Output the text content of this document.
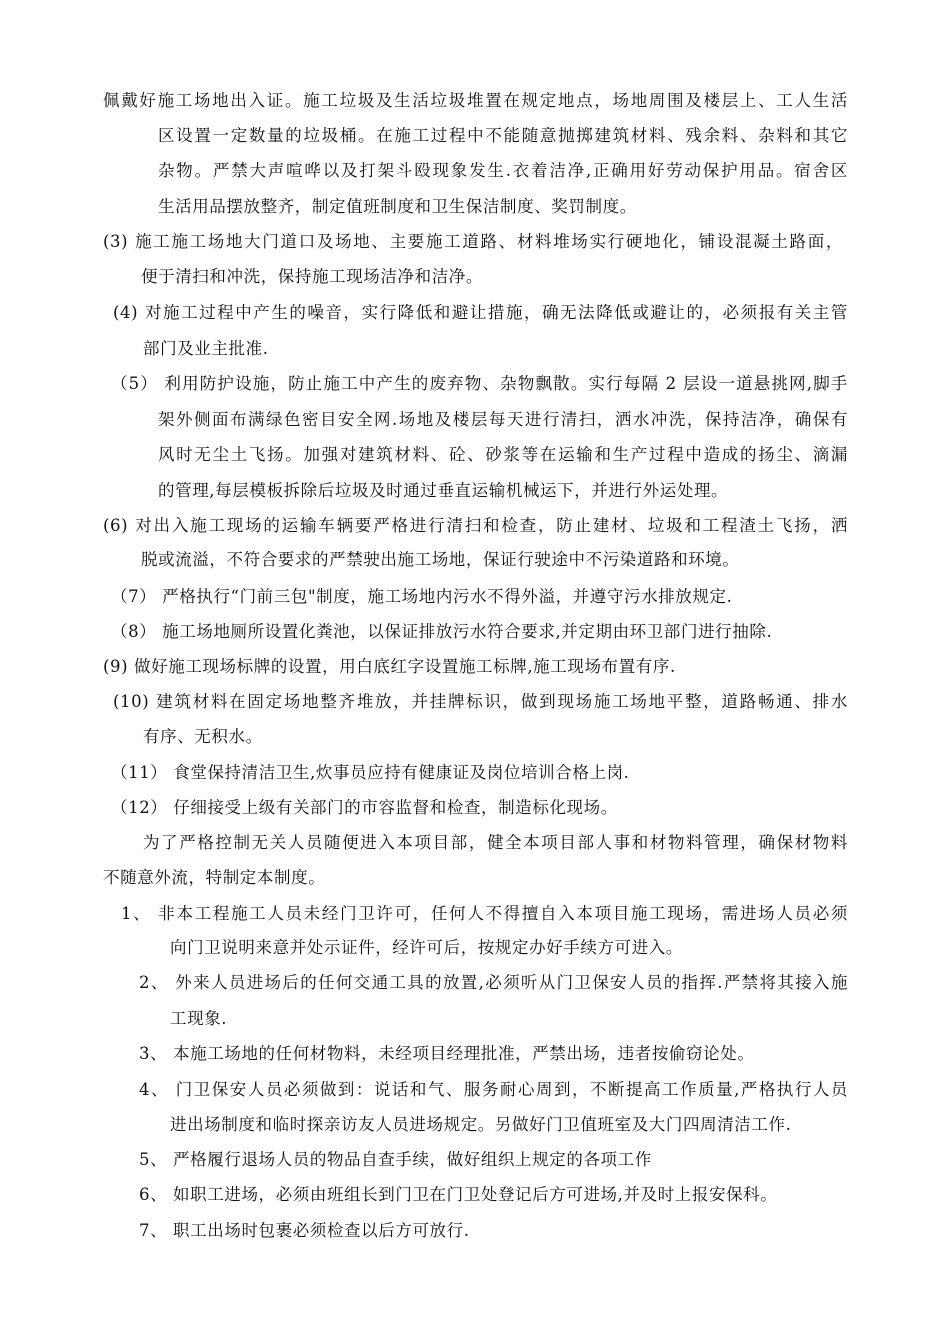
佩戴好施工场地出入证。施工垃圾及生活垃圾堆置在规定地点，场地周围及楼层上、工人生活
区设置一定数量的垃圾桶。在施工过程中不能随意抛掷建筑材料、残余料、杂料和其它
杂物。严禁大声喧哗以及打架斗殴现象发生.衣着洁净,正确用好劳动保护用品。宿舍区
生活用品摆放整齐，制定值班制度和卫生保洁制度、奖罚制度。
(3) 施工施工场地大门道口及场地、主要施工道路、材料堆场实行硬地化，铺设混凝土路面，
便于清扫和冲洗，保持施工现场洁净和洁净。
(4) 对施工过程中产生的噪音，实行降低和避让措施，确无法降低或避让的，必须报有关主管
部门及业主批准.
（5） 利用防护设施，防止施工中产生的废弃物、杂物飘散。实行每隔 2 层设一道悬挑网,脚手
架外侧面布满绿色密目安全网.场地及楼层每天进行清扫，洒水冲洗，保持洁净，确保有
风时无尘土飞扬。加强对建筑材料、砼、砂浆等在运输和生产过程中造成的扬尘、滴漏
的管理,每层模板拆除后垃圾及时通过垂直运输机械运下，并进行外运处理。
(6) 对出入施工现场的运输车辆要严格进行清扫和检查，防止建材、垃圾和工程渣土飞扬，洒
脱或流溢，不符合要求的严禁驶出施工场地，保证行驶途中不污染道路和环境。
（7） 严格执行“门前三包"制度，施工场地内污水不得外溢，并遵守污水排放规定.
（8） 施工场地厕所设置化粪池，以保证排放污水符合要求,并定期由环卫部门进行抽除.
(9) 做好施工现场标牌的设置，用白底红字设置施工标牌,施工现场布置有序.
(10) 建筑材料在固定场地整齐堆放，并挂牌标识，做到现场施工场地平整，道路畅通、排水
有序、无积水。
（11） 食堂保持清洁卫生,炊事员应持有健康证及岗位培训合格上岗.
（12） 仔细接受上级有关部门的市容监督和检查，制造标化现场。
为了严格控制无关人员随便进入本项目部，健全本项目部人事和材物料管理，确保材物料
不随意外流，特制定本制度。
1、 非本工程施工人员未经门卫许可，任何人不得擅自入本项目施工现场，需进场人员必须
向门卫说明来意并处示证件，经许可后，按规定办好手续方可进入。
2、 外来人员进场后的任何交通工具的放置,必须听从门卫保安人员的指挥.严禁将其接入施
工现象.
3、 本施工场地的任何材物料，未经项目经理批准，严禁出场，违者按偷窃论处。
4、 门卫保安人员必须做到：说话和气、服务耐心周到，不断提高工作质量,严格执行人员
进出场制度和临时探亲访友人员进场规定。另做好门卫值班室及大门四周清洁工作.
5、 严格履行退场人员的物品自查手续，做好组织上规定的各项工作
6、 如职工进场，必须由班组长到门卫在门卫处登记后方可进场,并及时上报安保科。
7、 职工出场时包裹必须检查以后方可放行.
